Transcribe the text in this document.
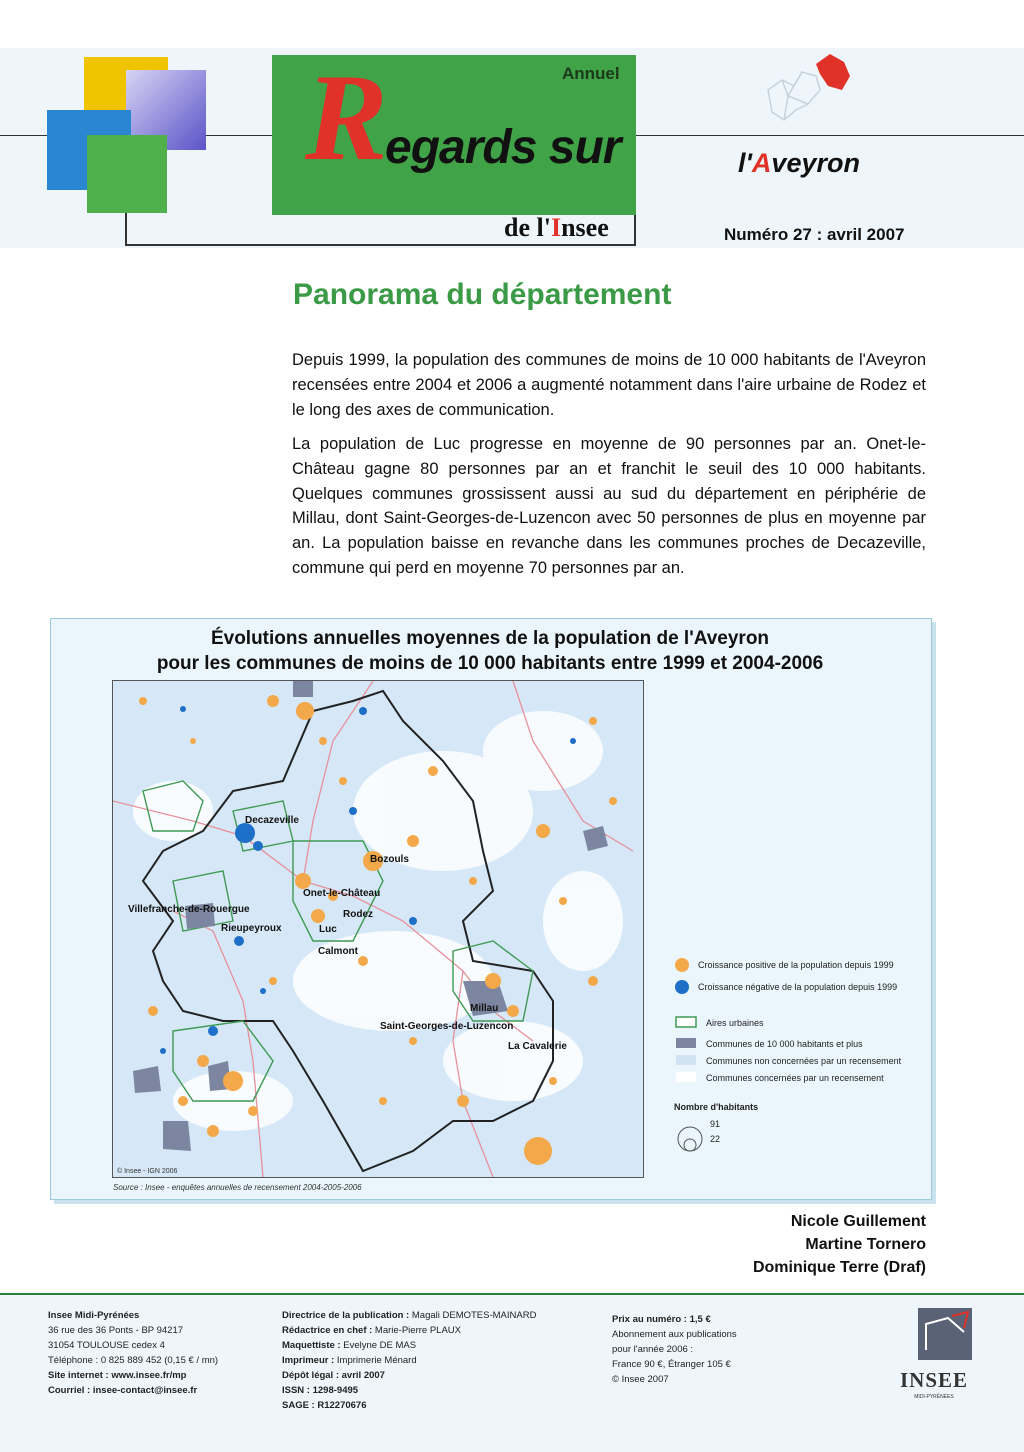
Annuel
R
egards sur
de l'Insee
l'Aveyron
Numéro 27 : avril 2007
Panorama du département
Depuis 1999, la population des communes de moins de 10 000 habitants de l'Aveyron recensées entre 2004 et 2006 a augmenté notamment dans l'aire urbaine de Rodez et le long des axes de communication.
La population de Luc progresse en moyenne de 90 personnes par an. Onet-le-Château gagne 80 personnes par an et franchit le seuil des 10 000 habitants. Quelques communes grossissent aussi au sud du département en périphérie de Millau, dont Saint-Georges-de-Luzencon avec 50 personnes de plus en moyenne par an. La population baisse en revanche dans les communes proches de Decazeville, commune qui perd en moyenne 70 personnes par an.
Évolutions annuelles moyennes de la population de l'Aveyron
pour les communes de moins de 10 000 habitants entre 1999 et 2004-2006
Decazeville
Bozouls
Onet-le-Château
Villefranche-de-Rouergue	Rodez
Rieupeyroux	Luc
Calmont
Millau
Saint-Georges-de-Luzencon
La Cavalerie
© Insee - IGN 2006
Croissance positive de la population depuis 1999
Croissance négative de la population depuis 1999
Aires urbaines
Communes de 10 000 habitants et plus
Communes non concernées par un recensement
Communes concernées par un recensement
Nombre d'habitants
91
22
Source : Insee - enquêtes annuelles de recensement 2004-2005-2006
Nicole Guillement
Martine Tornero
Dominique Terre (Draf)
Insee Midi-Pyrénées
36 rue des 36 Ponts - BP 94217
31054 TOULOUSE cedex 4
Téléphone : 0 825 889 452 (0,15 € / mn)
Site internet : www.insee.fr/mp
Courriel : insee-contact@insee.fr
Directrice de la publication : Magali DEMOTES-MAINARD
Rédactrice en chef : Marie-Pierre PLAUX
Maquettiste : Evelyne DE MAS
Imprimeur : Imprimerie Ménard
Dépôt légal : avril 2007
ISSN : 1298-9495
SAGE : R12270676
Prix au numéro : 1,5 €
Abonnement aux publications
pour l'année 2006 :
France 90 €, Étranger 105 €
© Insee 2007	INSEE
MIDI-PYRÉNÉES
